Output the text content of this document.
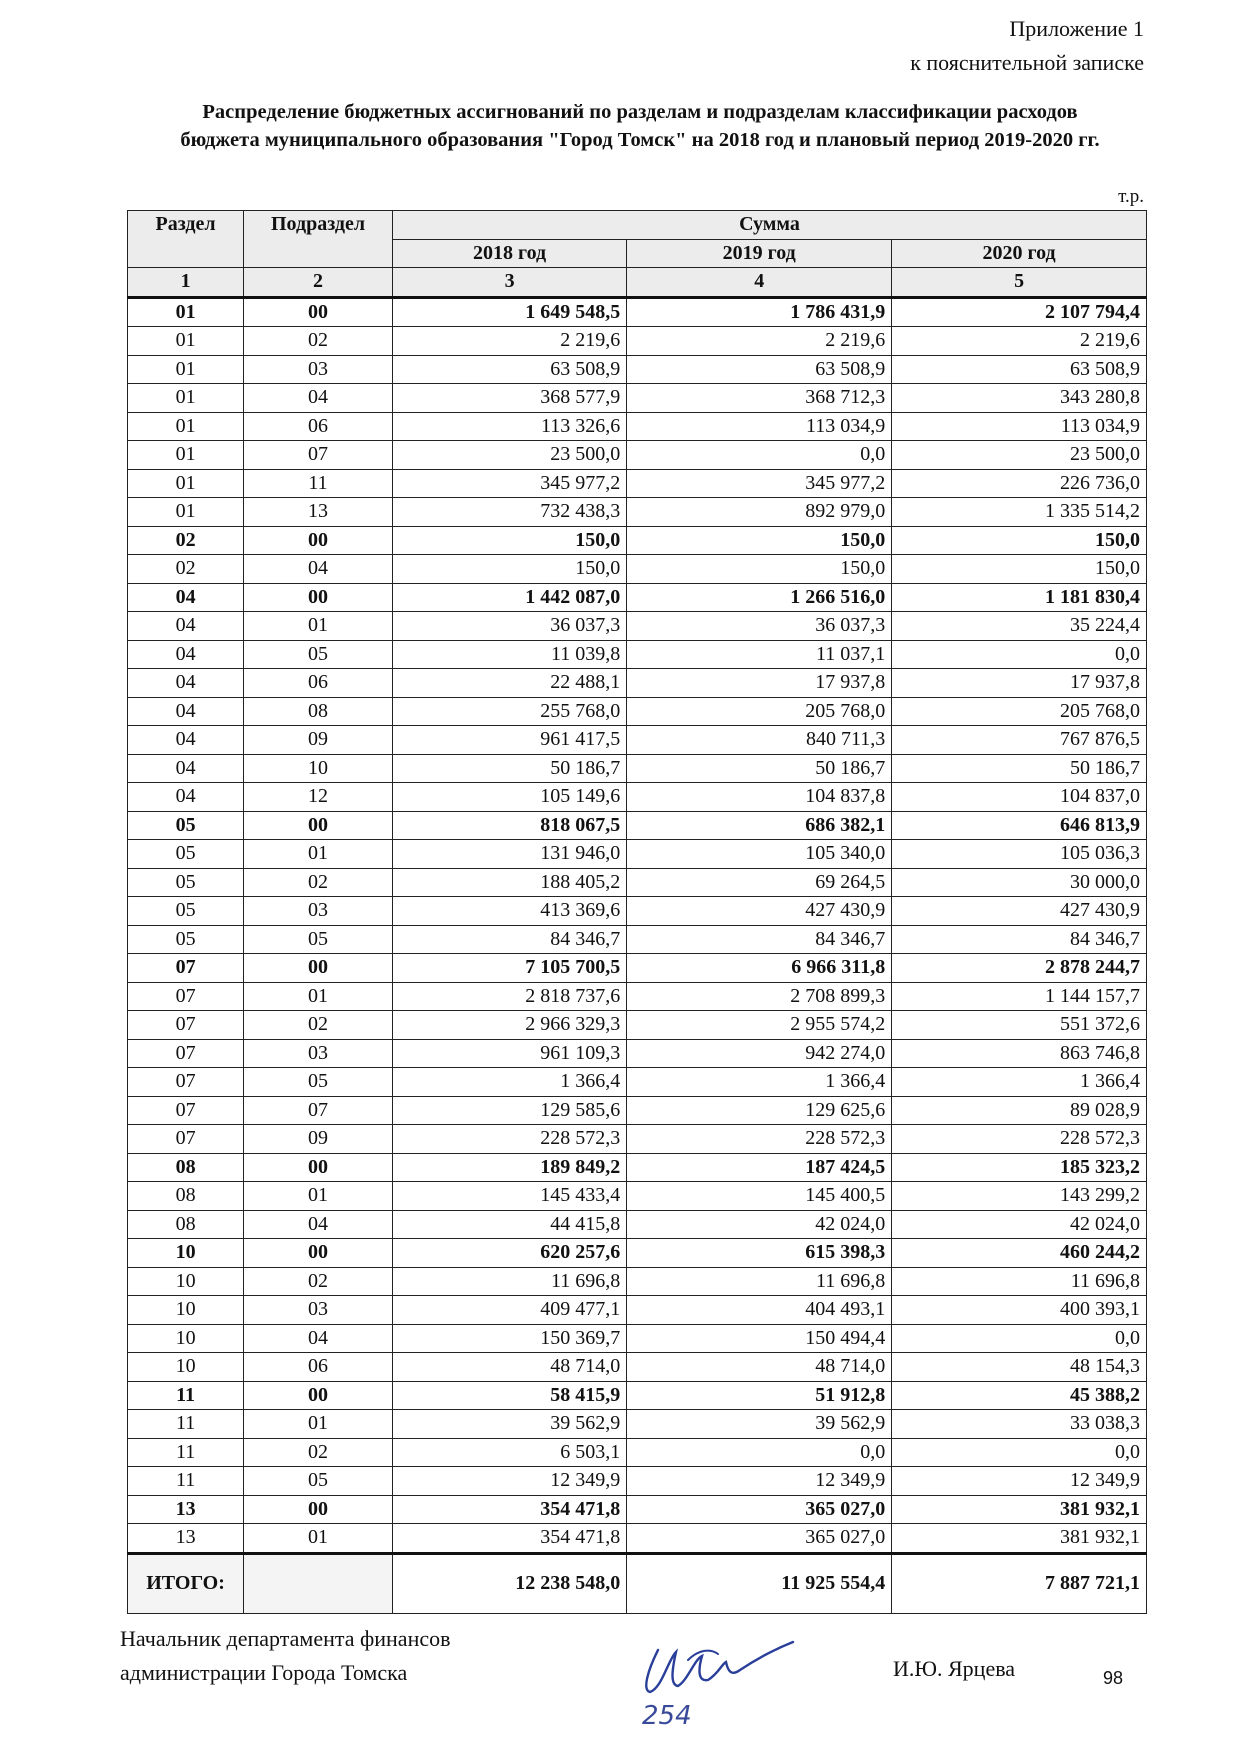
Приложение 1
к пояснительной записке
Распределение бюджетных ассигнований по разделам и подразделам классификации расходов
бюджета муниципального образования "Город Томск" на 2018 год и плановый период 2019-2020 гг.
т.р.
Раздел	Подраздел	Сумма		
		2018 год	2019 год	2020 год
1	2	3	4	5
01	00	1 649 548,5	1 786 431,9	2 107 794,4
01	02	2 219,6	2 219,6	2 219,6
01	03	63 508,9	63 508,9	63 508,9
01	04	368 577,9	368 712,3	343 280,8
01	06	113 326,6	113 034,9	113 034,9
01	07	23 500,0	0,0	23 500,0
01	11	345 977,2	345 977,2	226 736,0
01	13	732 438,3	892 979,0	1 335 514,2
02	00	150,0	150,0	150,0
02	04	150,0	150,0	150,0
04	00	1 442 087,0	1 266 516,0	1 181 830,4
04	01	36 037,3	36 037,3	35 224,4
04	05	11 039,8	11 037,1	0,0
04	06	22 488,1	17 937,8	17 937,8
04	08	255 768,0	205 768,0	205 768,0
04	09	961 417,5	840 711,3	767 876,5
04	10	50 186,7	50 186,7	50 186,7
04	12	105 149,6	104 837,8	104 837,0
05	00	818 067,5	686 382,1	646 813,9
05	01	131 946,0	105 340,0	105 036,3
05	02	188 405,2	69 264,5	30 000,0
05	03	413 369,6	427 430,9	427 430,9
05	05	84 346,7	84 346,7	84 346,7
07	00	7 105 700,5	6 966 311,8	2 878 244,7
07	01	2 818 737,6	2 708 899,3	1 144 157,7
07	02	2 966 329,3	2 955 574,2	551 372,6
07	03	961 109,3	942 274,0	863 746,8
07	05	1 366,4	1 366,4	1 366,4
07	07	129 585,6	129 625,6	89 028,9
07	09	228 572,3	228 572,3	228 572,3
08	00	189 849,2	187 424,5	185 323,2
08	01	145 433,4	145 400,5	143 299,2
08	04	44 415,8	42 024,0	42 024,0
10	00	620 257,6	615 398,3	460 244,2
10	02	11 696,8	11 696,8	11 696,8
10	03	409 477,1	404 493,1	400 393,1
10	04	150 369,7	150 494,4	0,0
10	06	48 714,0	48 714,0	48 154,3
11	00	58 415,9	51 912,8	45 388,2
11	01	39 562,9	39 562,9	33 038,3
11	02	6 503,1	0,0	0,0
11	05	12 349,9	12 349,9	12 349,9
13	00	354 471,8	365 027,0	381 932,1
13	01	354 471,8	365 027,0	381 932,1
ИТОГО:		12 238 548,0	11 925 554,4	7 887 721,1
Начальник департамента финансов
администрации Города Томска
254
И.Ю. Ярцева	98
